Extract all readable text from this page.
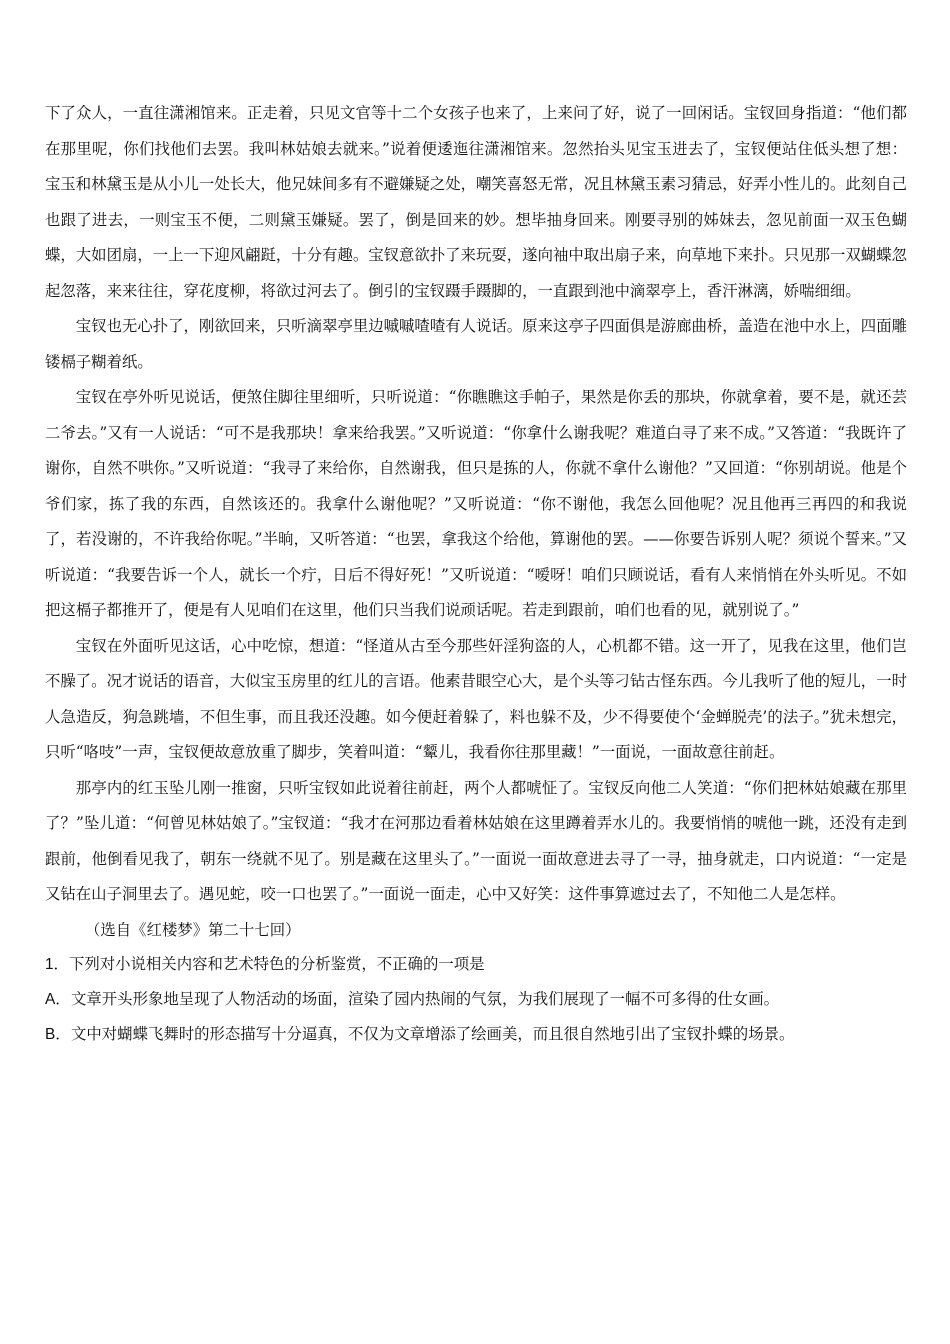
下了众人，一直往潇湘馆来。正走着，只见文官等十二个女孩子也来了，上来问了好，说了一回闲话。宝钗回身指道：“他们都在那里呢，你们找他们去罢。我叫林姑娘去就来。”说着便逶迤往潇湘馆来。忽然抬头见宝玉进去了，宝钗便站住低头想了想：宝玉和林黛玉是从小儿一处长大，他兄妹间多有不避嫌疑之处，嘲笑喜怒无常，况且林黛玉素习猜忌，好弄小性儿的。此刻自己也跟了进去，一则宝玉不便，二则黛玉嫌疑。罢了，倒是回来的妙。想毕抽身回来。刚要寻别的姊妹去，忽见前面一双玉色蝴蝶，大如团扇，一上一下迎风翩跹，十分有趣。宝钗意欲扑了来玩耍，遂向袖中取出扇子来，向草地下来扑。只见那一双蝴蝶忽起忽落，来来往往，穿花度柳，将欲过河去了。倒引的宝钗蹑手蹑脚的，一直跟到池中滴翠亭上，香汗淋漓，娇喘细细。

宝钗也无心扑了，刚欲回来，只听滴翠亭里边嘁嘁喳喳有人说话。原来这亭子四面俱是游廊曲桥，盖造在池中水上，四面雕镂槅子糊着纸。

宝钗在亭外听见说话，便煞住脚往里细听，只听说道：“你瞧瞧这手帕子，果然是你丢的那块，你就拿着，要不是，就还芸二爷去。”又有一人说话：“可不是我那块！拿来给我罢。”又听说道：“你拿什么谢我呢？难道白寻了来不成。”又答道：“我既许了谢你，自然不哄你。”又听说道：“我寻了来给你，自然谢我，但只是拣的人，你就不拿什么谢他？”又回道：“你别胡说。他是个爷们家，拣了我的东西，自然该还的。我拿什么谢他呢？”又听说道：“你不谢他，我怎么回他呢？况且他再三再四的和我说了，若没谢的，不许我给你呢。”半晌，又听答道：“也罢，拿我这个给他，算谢他的罢。——你要告诉别人呢？须说个誓来。”又听说道：“我要告诉一个人，就长一个疔，日后不得好死！”又听说道：“嗳呀！咱们只顾说话，看有人来悄悄在外头听见。不如把这槅子都推开了，便是有人见咱们在这里，他们只当我们说顽话呢。若走到跟前，咱们也看的见，就别说了。”

宝钗在外面听见这话，心中吃惊，想道：“怪道从古至今那些奸淫狗盗的人，心机都不错。这一开了，见我在这里，他们岂不臊了。况才说话的语音，大似宝玉房里的红儿的言语。他素昔眼空心大，是个头等刁钻古怪东西。今儿我听了他的短儿，一时人急造反，狗急跳墙，不但生事，而且我还没趣。如今便赶着躲了，料也躲不及，少不得要使个‘金蝉脱壳’的法子。”犹未想完，只听“咯吱”一声，宝钗便故意放重了脚步，笑着叫道：“颦儿，我看你往那里藏！”一面说，一面故意往前赶。

那亭内的红玉坠儿刚一推窗，只听宝钗如此说着往前赶，两个人都唬怔了。宝钗反向他二人笑道：“你们把林姑娘藏在那里了？”坠儿道：“何曾见林姑娘了。”宝钗道：“我才在河那边看着林姑娘在这里蹲着弄水儿的。我要悄悄的唬他一跳，还没有走到跟前，他倒看见我了，朝东一绕就不见了。别是藏在这里头了。”一面说一面故意进去寻了一寻，抽身就走，口内说道：“一定是又钻在山子洞里去了。遇见蛇，咬一口也罢了。”一面说一面走，心中又好笑：这件事算遮过去了，不知他二人是怎样。

（选自《红楼梦》第二十七回）

1．下列对小说相关内容和艺术特色的分析鉴赏，不正确的一项是

A．文章开头形象地呈现了人物活动的场面，渲染了园内热闹的气氛，为我们展现了一幅不可多得的仕女画。

B．文中对蝴蝶飞舞时的形态描写十分逼真，不仅为文章增添了绘画美，而且很自然地引出了宝钗扑蝶的场景。
